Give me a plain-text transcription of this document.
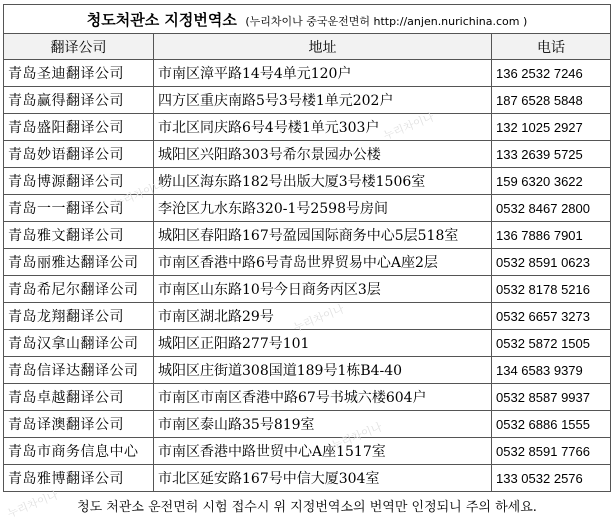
청도처관소 지정번역소 (누리차이나 중국운전면허 http://anjen.nurichina.com )		
翻译公司	地址	电话
青岛圣迪翻译公司	市南区漳平路14号4单元120户	136 2532 7246
青岛赢得翻译公司	四方区重庆南路5号3号楼1单元202户	187 6528 5848
青岛盛阳翻译公司	市北区同庆路6号4号楼1单元303户	132 1025 2927
青岛妙语翻译公司	城阳区兴阳路303号希尔景园办公楼	133 2639 5725
青岛博源翻译公司	崂山区海东路182号出版大厦3号楼1506室	159 6320 3622
青岛一一翻译公司	李沧区九水东路320-1号2598号房间	0532 8467 2800
青岛雅文翻译公司	城阳区春阳路167号盈园国际商务中心5层518室	136 7886 7901
青岛丽雅达翻译公司	市南区香港中路6号青岛世界贸易中心A座2层	0532 8591 0623
青岛希尼尔翻译公司	市南区山东路10号今日商务丙区3层	0532 8178 5216
青岛龙翔翻译公司	市南区湖北路29号	0532 6657 3273
青岛汉拿山翻译公司	城阳区正阳路277号101	0532 5872 1505
青岛信译达翻译公司	城阳区庄街道308国道189号1栋B4-40	134 6583 9379
青岛卓越翻译公司	市南区市南区香港中路67号书城六楼604户	0532 8587 9937
青岛译澳翻译公司	市南区泰山路35号819室	0532 6886 1555
青岛市商务信息中心	市南区香港中路世贸中心A座1517室	0532 8591 7766
青岛雅博翻译公司	市北区延安路167号中信大厦304室	133 0532 2576
청도 처관소 운전면허 시험 접수시 위 지정번역소의 번역만 인정되니 주의 하세요.		
누리차이나
누리차이나
누리차이나
누리차이나
누리차이나
